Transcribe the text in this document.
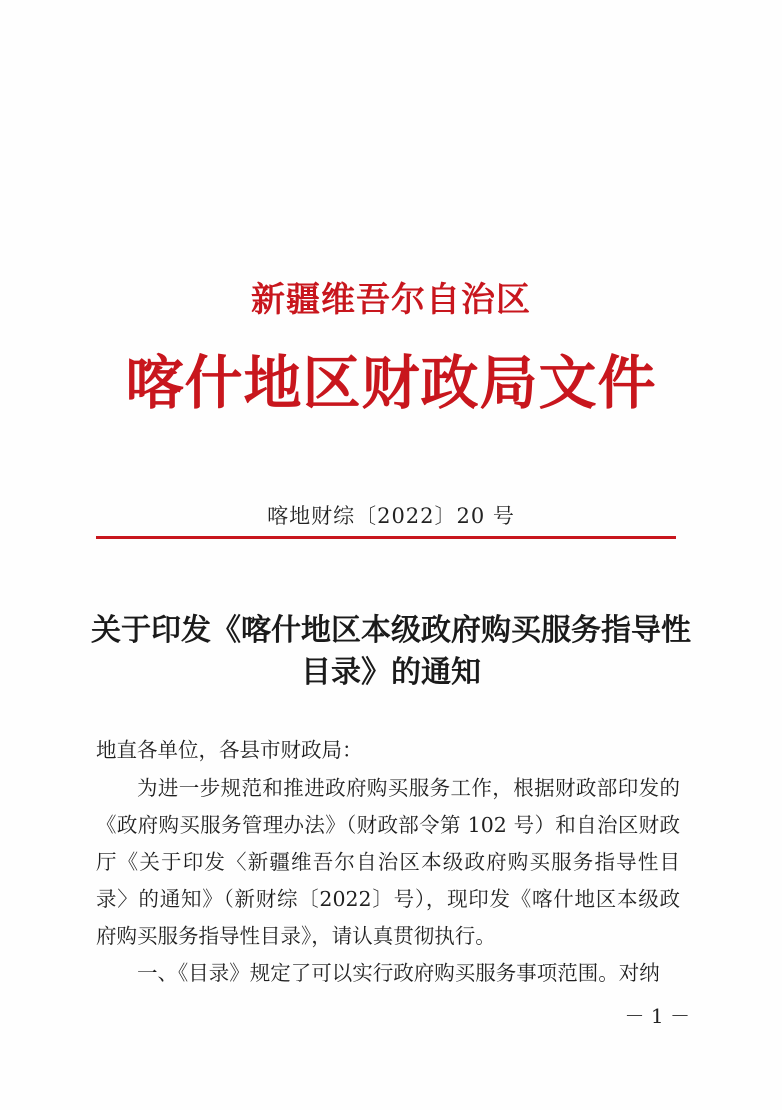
新疆维吾尔自治区
喀什地区财政局文件
喀地财综〔2022〕20 号
关于印发《喀什地区本级政府购买服务指导性
目录》的通知
地直各单位，各县市财政局：
为进一步规范和推进政府购买服务工作，根据财政部印发的《政府购买服务管理办法》（财政部令第 102 号）和自治区财政厅《关于印发〈新疆维吾尔自治区本级政府购买服务指导性目录〉的通知》（新财综〔2022〕号），现印发《喀什地区本级政府购买服务指导性目录》，请认真贯彻执行。
一、《目录》规定了可以实行政府购买服务事项范围。对纳
－ 1 －
